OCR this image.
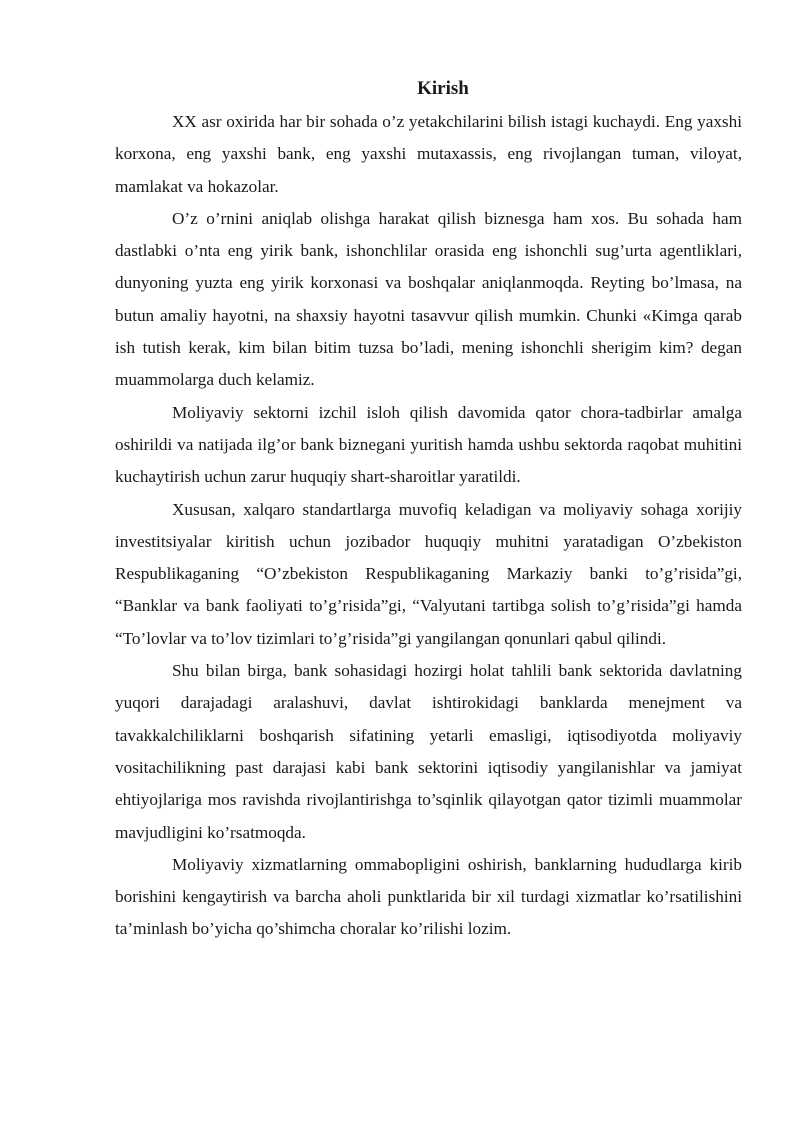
Kirish

XX asr oxirida har bir sohada o’z yetakchilarini bilish istagi kuchaydi. Eng yaxshi korxona, eng yaxshi bank, eng yaxshi mutaxassis, eng rivojlangan tuman, viloyat, mamlakat va hokazolar.

O’z o’rnini aniqlab olishga harakat qilish biznesga ham xos. Bu sohada ham dastlabki o’nta eng yirik bank, ishonchlilar orasida eng ishonchli sug’urta agentliklari, dunyoning yuzta eng yirik korxonasi va boshqalar aniqlanmoqda. Reyting bo’lmasa, na butun amaliy hayotni, na shaxsiy hayotni tasavvur qilish mumkin. Chunki «Kimga qarab ish tutish kerak, kim bilan bitim tuzsa bo’ladi, mening ishonchli sherigim kim? degan muammolarga duch kelamiz.

Moliyaviy sektorni izchil isloh qilish davomida qator chora-tadbirlar amalga oshirildi va natijada ilg’or bank biznegani yuritish hamda ushbu sektorda raqobat muhitini kuchaytirish uchun zarur huquqiy shart-sharoitlar yaratildi.

Xususan, xalqaro standartlarga muvofiq keladigan va moliyaviy sohaga xorijiy investitsiyalar kiritish uchun jozibador huquqiy muhitni yaratadigan O’zbekiston Respublikaganing “O’zbekiston Respublikaganing Markaziy banki to’g’risida”gi, “Banklar va bank faoliyati to’g’risida”gi, “Valyutani tartibga solish to’g’risida”gi hamda “To’lovlar va to’lov tizimlari to’g’risida”gi yangilangan qonunlari qabul qilindi.

Shu bilan birga, bank sohasidagi hozirgi holat tahlili bank sektorida davlatning yuqori darajadagi aralashuvi, davlat ishtirokidagi banklarda menejment va tavakkalchiliklarni boshqarish sifatining yetarli emasligi, iqtisodiyotda moliyaviy vositachilikning past darajasi kabi bank sektorini iqtisodiy yangilanishlar va jamiyat ehtiyojlariga mos ravishda rivojlantirishga to’sqinlik qilayotgan qator tizimli muammolar mavjudligini ko’rsatmoqda.

Moliyaviy xizmatlarning ommabopligini oshirish, banklarning hududlarga kirib borishini kengaytirish va barcha aholi punktlarida bir xil turdagi xizmatlar ko’rsatilishini ta’minlash bo’yicha qo’shimcha choralar ko’rilishi lozim.
